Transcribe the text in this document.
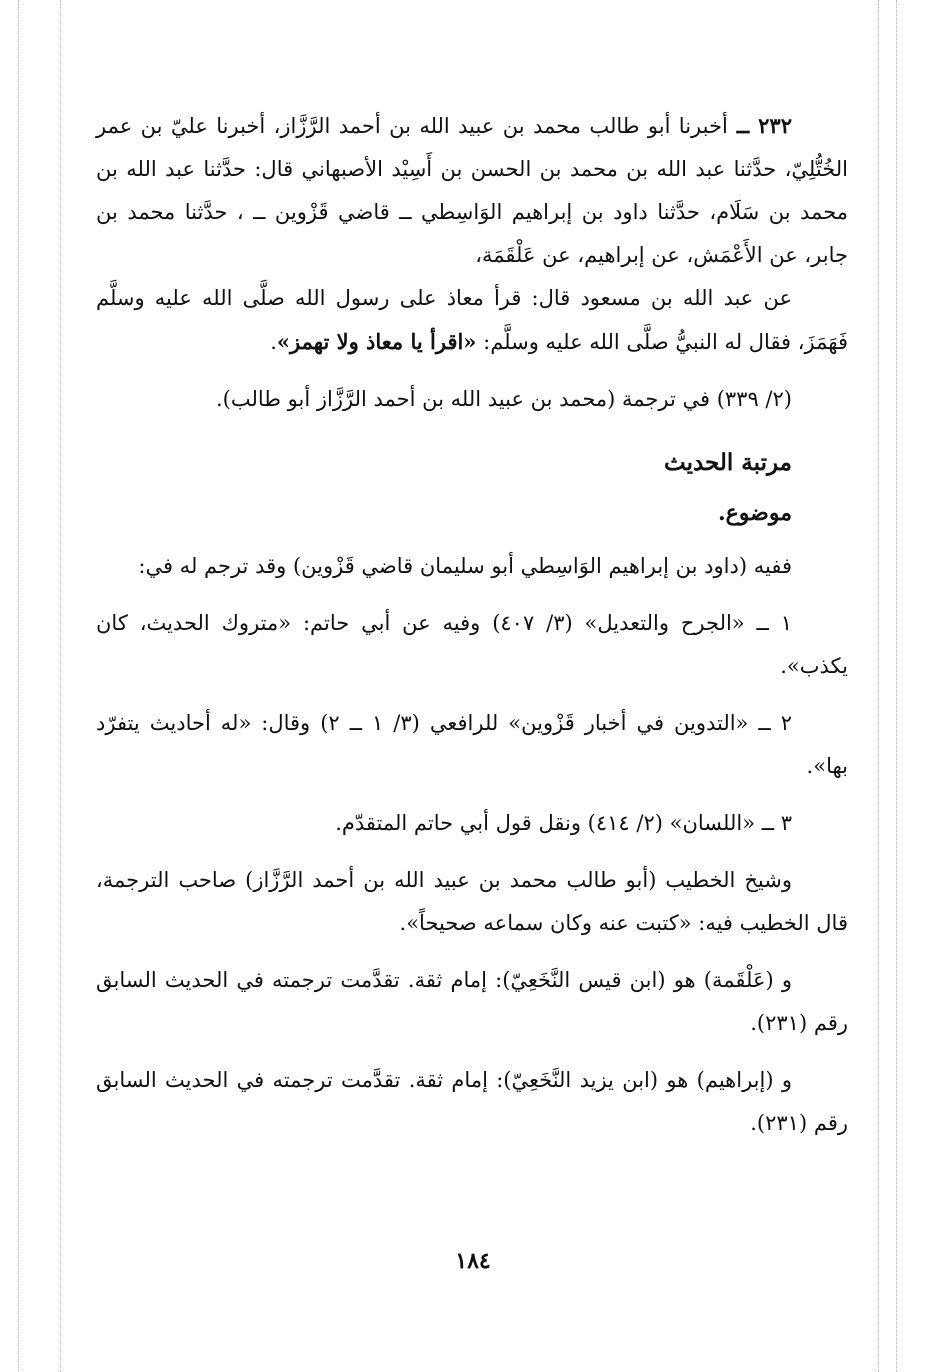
٢٣٢ ــ أخبرنا أبو طالب محمد بن عبيد الله بن أحمد الرَّزَّاز، أخبرنا عليّ بن عمر الخُتُّلِيّ، حدَّثنا عبد الله بن محمد بن الحسن بن أَسِيْد الأصبهاني قال: حدَّثنا عبد الله بن محمد بن سَلَام، حدَّثنا داود بن إبراهيم الوَاسِطي ــ قاضي قَزْوين ــ ، حدَّثنا محمد بن جابر، عن الأَعْمَش، عن إبراهيم، عن عَلْقَمَة،

عن عبد الله بن مسعود قال: قرأ معاذ على رسول الله صلَّى الله عليه وسلَّم فَهَمَزَ، فقال له النبيُّ صلَّى الله عليه وسلَّم: «اقرأ يا معاذ ولا تهمز».

(٢/ ٣٣٩) في ترجمة (محمد بن عبيد الله بن أحمد الرَّزَّاز أبو طالب).

مرتبة الحديث
موضوع.

ففيه (داود بن إبراهيم الوَاسِطي أبو سليمان قاضي قَزْوين) وقد ترجم له في:

١ ــ «الجرح والتعديل» (٣/ ٤٠٧) وفيه عن أبي حاتم: «متروك الحديث، كان يكذب».

٢ ــ «التدوين في أخبار قَزْوين» للرافعي (٣/ ١ ــ ٢) وقال: «له أحاديث يتفرّد بها».

٣ ــ «اللسان» (٢/ ٤١٤) ونقل قول أبي حاتم المتقدّم.

وشيخ الخطيب (أبو طالب محمد بن عبيد الله بن أحمد الرَّزَّاز) صاحب الترجمة، قال الخطيب فيه: «كتبت عنه وكان سماعه صحيحاً».

و (عَلْقَمة) هو (ابن قيس النَّخَعِيّ): إمام ثقة. تقدَّمت ترجمته في الحديث السابق رقم (٢٣١).

و (إبراهيم) هو (ابن يزيد النَّخَعِيّ): إمام ثقة. تقدَّمت ترجمته في الحديث السابق رقم (٢٣١).

١٨٤
